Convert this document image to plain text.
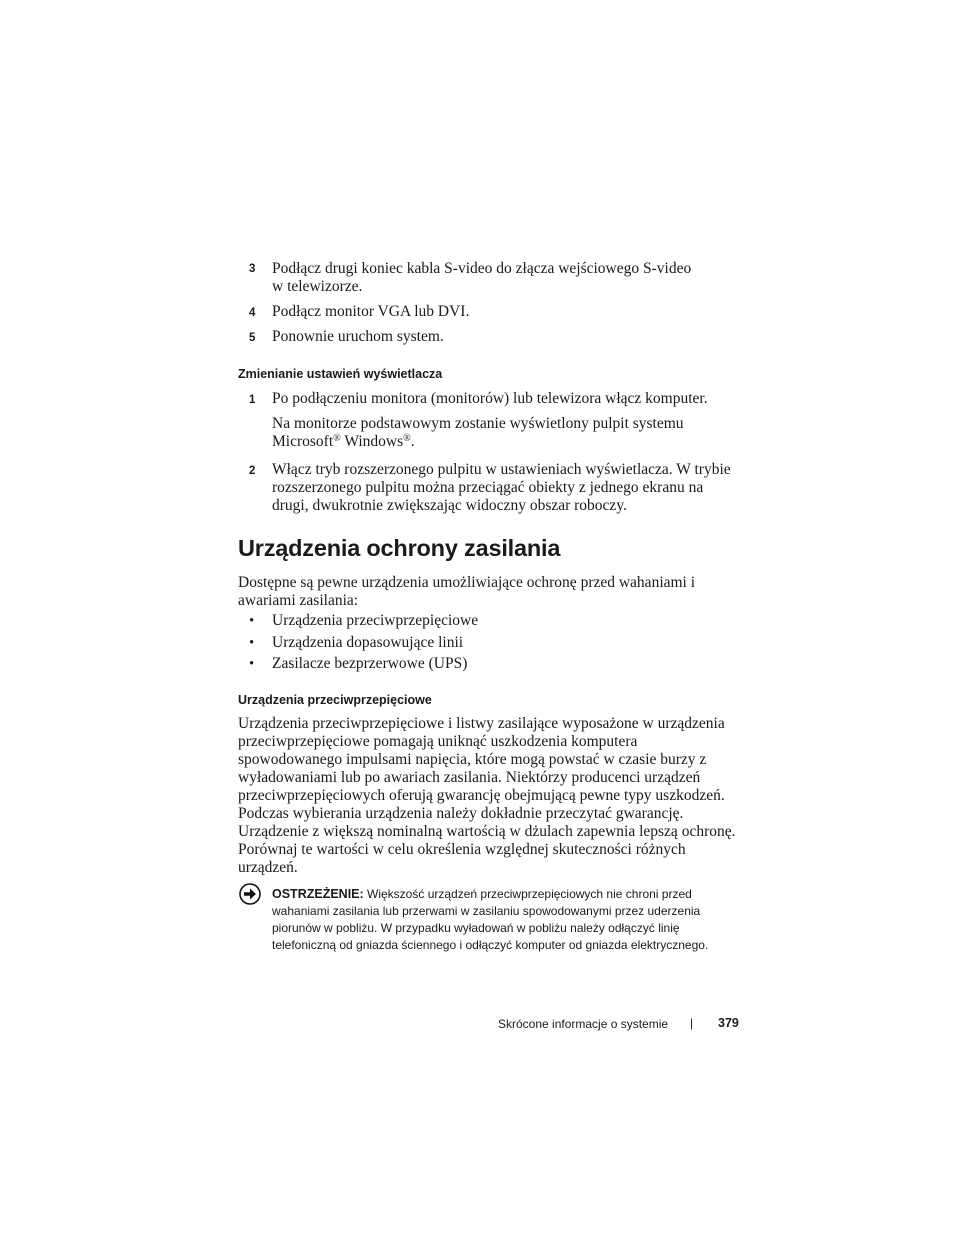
3 Podłącz drugi koniec kabla S-video do złącza wejściowego S-video w telewizorze.
4 Podłącz monitor VGA lub DVI.
5 Ponownie uruchom system.
Zmienianie ustawień wyświetlacza
1 Po podłączeniu monitora (monitorów) lub telewizora włącz komputer.
Na monitorze podstawowym zostanie wyświetlony pulpit systemu
Microsoft® Windows®.
2 Włącz tryb rozszerzonego pulpitu w ustawieniach wyświetlacza. W trybie rozszerzonego pulpitu można przeciągać obiekty z jednego ekranu na drugi, dwukrotnie zwiększając widoczny obszar roboczy.
Urządzenia ochrony zasilania
Dostępne są pewne urządzenia umożliwiające ochronę przed wahaniami i awariami zasilania:
• Urządzenia przeciwprzepięciowe
• Urządzenia dopasowujące linii
• Zasilacze bezprzerwowe (UPS)
Urządzenia przeciwprzepięciowe
Urządzenia przeciwprzepięciowe i listwy zasilające wyposażone w urządzenia przeciwprzepięciowe pomagają uniknąć uszkodzenia komputera spowodowanego impulsami napięcia, które mogą powstać w czasie burzy z wyładowaniami lub po awariach zasilania. Niektórzy producenci urządzeń przeciwprzepięciowych oferują gwarancję obejmującą pewne typy uszkodzeń. Podczas wybierania urządzenia należy dokładnie przeczytać gwarancję. Urządzenie z większą nominalną wartością w dżulach zapewnia lepszą ochronę. Porównaj te wartości w celu określenia względnej skuteczności różnych urządzeń.
OSTRZEŻENIE: Większość urządzeń przeciwprzepięciowych nie chroni przed wahaniami zasilania lub przerwami w zasilaniu spowodowanymi przez uderzenia piorunów w pobliżu. W przypadku wyładowań w pobliżu należy odłączyć linię telefoniczną od gniazda ściennego i odłączyć komputer od gniazda elektrycznego.
Skrócone informacje o systemie | 379
